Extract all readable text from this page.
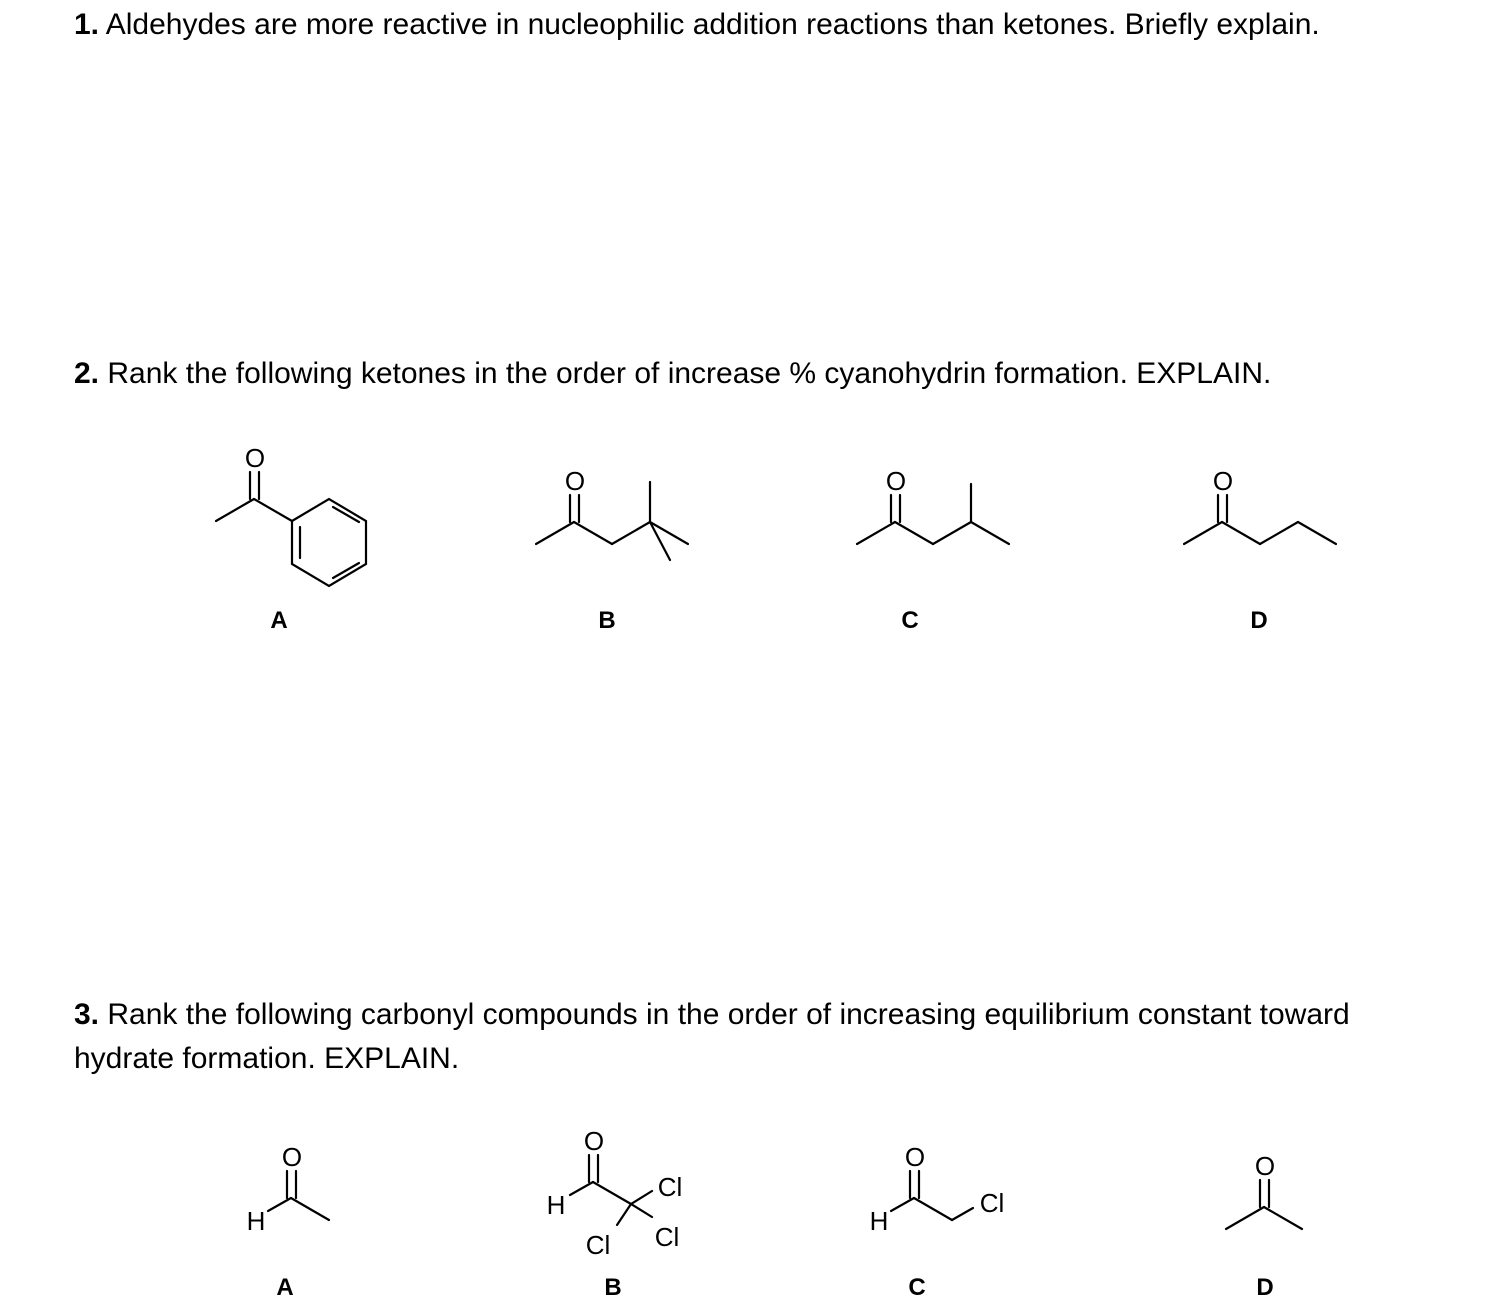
1. Aldehydes are more reactive in nucleophilic addition reactions than ketones. Briefly explain.

2. Rank the following ketones in the order of increase % cyanohydrin formation. EXPLAIN.

3. Rank the following carbonyl compounds in the order of increasing equilibrium constant toward hydrate formation. EXPLAIN.

O
A
O
B
O
C
O
D
O
H
A
O
H
Cl
Cl
Cl
B
O
H
Cl
C
O
D
